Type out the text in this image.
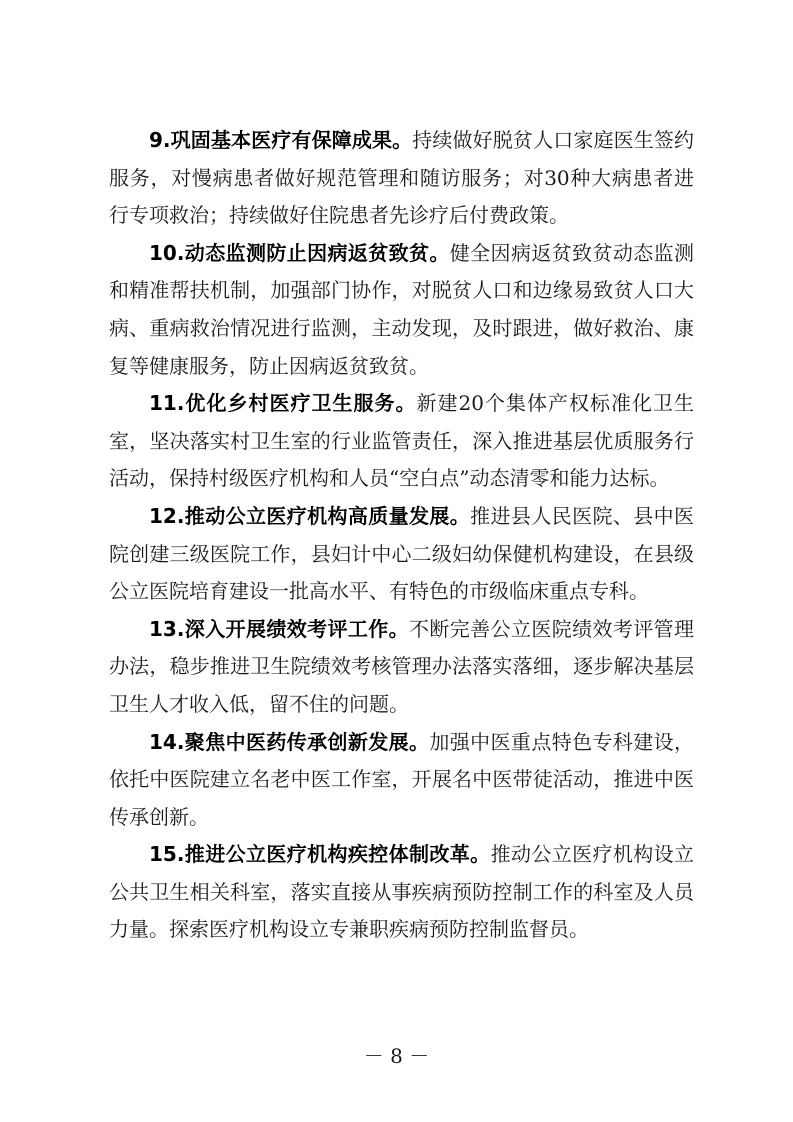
9.巩固基本医疗有保障成果。持续做好脱贫人口家庭医生签约服务，对慢病患者做好规范管理和随访服务；对30种大病患者进行专项救治；持续做好住院患者先诊疗后付费政策。

10.动态监测防止因病返贫致贫。健全因病返贫致贫动态监测和精准帮扶机制，加强部门协作，对脱贫人口和边缘易致贫人口大病、重病救治情况进行监测，主动发现，及时跟进，做好救治、康复等健康服务，防止因病返贫致贫。

11.优化乡村医疗卫生服务。新建20个集体产权标准化卫生室，坚决落实村卫生室的行业监管责任，深入推进基层优质服务行活动，保持村级医疗机构和人员“空白点”动态清零和能力达标。

12.推动公立医疗机构高质量发展。推进县人民医院、县中医院创建三级医院工作，县妇计中心二级妇幼保健机构建设，在县级公立医院培育建设一批高水平、有特色的市级临床重点专科。

13.深入开展绩效考评工作。不断完善公立医院绩效考评管理办法，稳步推进卫生院绩效考核管理办法落实落细，逐步解决基层卫生人才收入低，留不住的问题。

14.聚焦中医药传承创新发展。加强中医重点特色专科建设，依托中医院建立名老中医工作室，开展名中医带徒活动，推进中医传承创新。

15.推进公立医疗机构疾控体制改革。推动公立医疗机构设立公共卫生相关科室，落实直接从事疾病预防控制工作的科室及人员力量。探索医疗机构设立专兼职疾病预防控制监督员。

－ 8 －
